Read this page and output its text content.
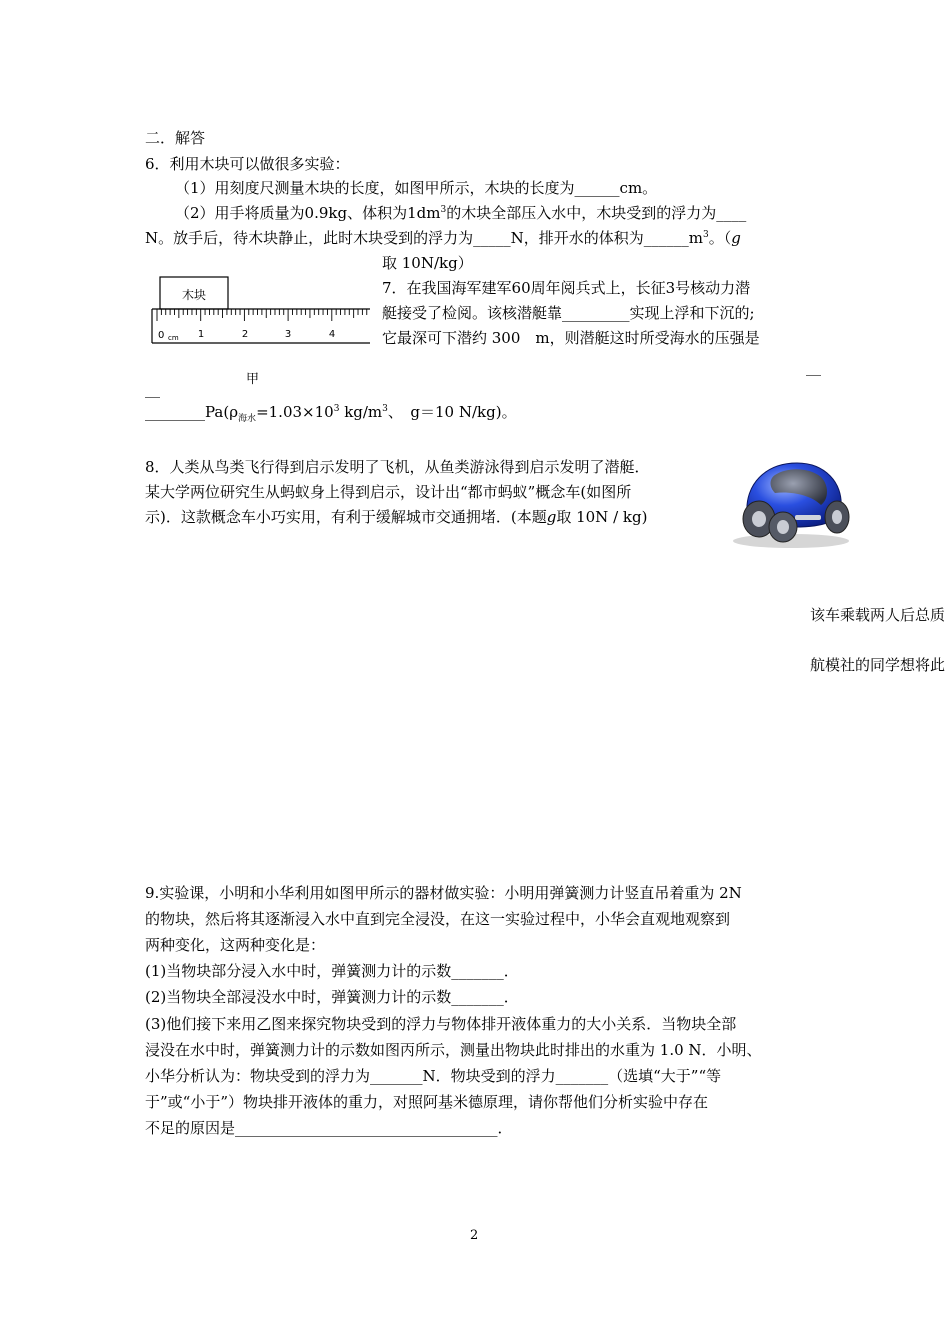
二．解答
6．利用木块可以做很多实验：
（1）用刻度尺测量木块的长度，如图甲所示，木块的长度为______cm。
（2）用手将质量为0.9kg、体积为$1dm^3$的木块全部压入水中，木块受到的浮力为____
N。放手后，待木块静止，此时木块受到的浮力为_____N，排开水的体积为$\_\_\_\_\_\_m^3$。（g
取 10N/kg）
木块
0 cm 1	2	3	4
甲
7．在我国海军建军60周年阅兵式上，长征3号核动力潜
艇接受了检阅。该核潜艇靠_________实现上浮和下沉的;
它最深可下潜约 300　m，则潜艇这时所受海水的压强是
__
__
$\_\_\_\_\_\_\_\_Pa(\rho_{海水}=1.03\times 10^3$ $kg/m^3$、　g＝10 N/kg)。
8．人类从鸟类飞行得到启示发明了飞机，从鱼类游泳得到启示发明了潜艇．
某大学两位研究生从蚂蚁身上得到启示，设计出“都市蚂蚁”概念车(如图所
示)．这款概念车小巧实用，有利于缓解城市交通拥堵．(本题g取 10N / kg)
该车乘载两人后总质
航模社的同学想将此
9.实验课，小明和小华利用如图甲所示的器材做实验：小明用弹簧测力计竖直吊着重为 2N
的物块，然后将其逐渐浸入水中直到完全浸没，在这一实验过程中，小华会直观地观察到
两种变化，这两种变化是：
(1)当物块部分浸入水中时，弹簧测力计的示数_______．
(2)当物块全部浸没水中时，弹簧测力计的示数_______．
(3)他们接下来用乙图来探究物块受到的浮力与物体排开液体重力的大小关系．当物块全部
浸没在水中时，弹簧测力计的示数如图丙所示，测量出物块此时排出的水重为 1.0 N．小明、
小华分析认为：物块受到的浮力为_______N．物块受到的浮力_______（选填“大于”“等
于”或“小于”）物块排开液体的重力，对照阿基米德原理，请你帮他们分析实验中存在
不足的原因是___________________________________．
2
